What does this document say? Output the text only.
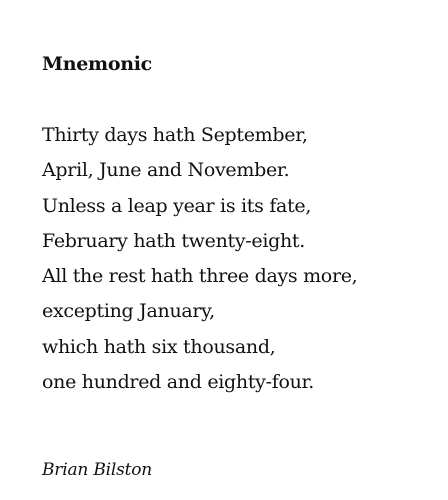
Mnemonic
Thirty days hath September,
April, June and November.
Unless a leap year is its fate,
February hath twenty-eight.
All the rest hath three days more,
excepting January,
which hath six thousand,
one hundred and eighty-four.

Brian Bilston
